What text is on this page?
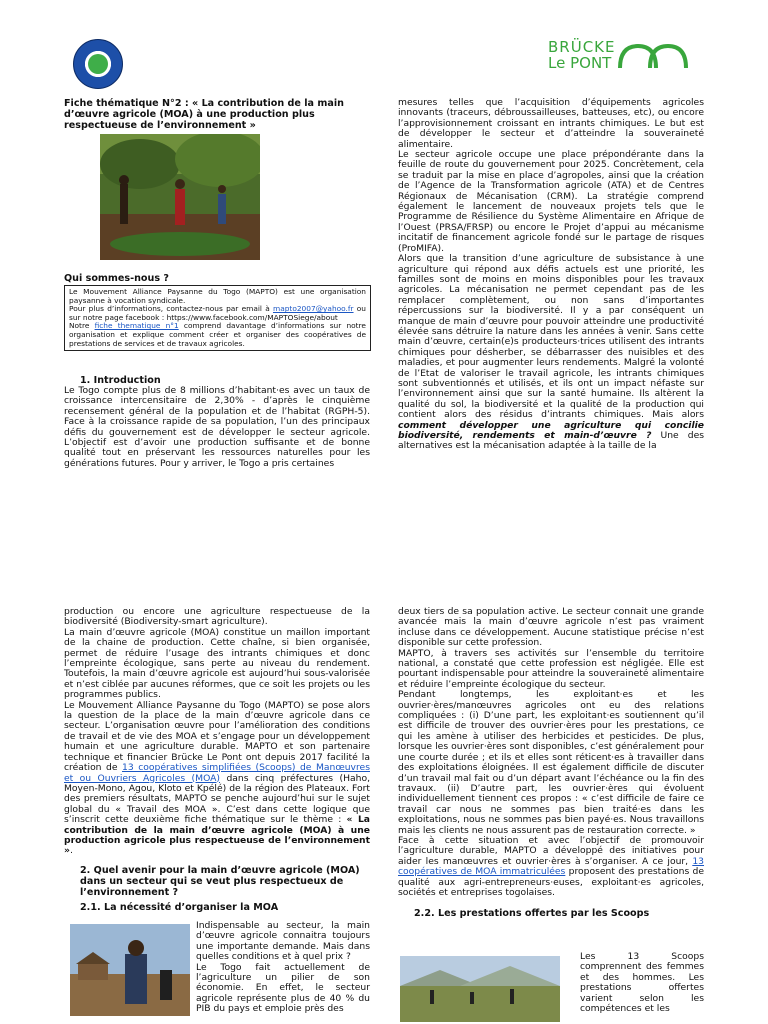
BRÜCKE
Le PONT

Fiche thématique N°2 : « La contribution de la main d’œuvre agricole (MOA) à une production plus respectueuse de l’environnement »

Qui sommes-nous ?

Le Mouvement Alliance Paysanne du Togo (MAPTO) est une organisation paysanne à vocation syndicale.

Pour plus d’informations, contactez-nous par email à mapto2007@yahoo.fr ou sur notre page facebook : https://www.facebook.com/MAPTOSiege/about

Notre fiche thematique n°1 comprend davantage d’informations sur notre organisation et explique comment créer et organiser des coopératives de prestations de services et de travaux agricoles.

1. Introduction

Le Togo compte plus de 8 millions d’habitant·es avec un taux de croissance intercensitaire de 2,30% - d’après le cinquième recensement général de la population et de l’habitat (RGPH-5). Face à la croissance rapide de sa population, l’un des principaux défis du gouvernement est de développer le secteur agricole. L’objectif est d’avoir une production suffisante et de bonne qualité tout en préservant les ressources naturelles pour les générations futures. Pour y arriver, le Togo a pris certaines

mesures telles que l’acquisition d’équipements agricoles innovants (traceurs, débroussailleuses, batteuses, etc), ou encore l’approvisionnement croissant en intrants chimiques. Le but est de développer le secteur et d’atteindre la souveraineté alimentaire.

Le secteur agricole occupe une place prépondérante dans la feuille de route du gouvernement pour 2025. Concrètement, cela se traduit par la mise en place d’agropoles, ainsi que la création de l’Agence de la Transformation agricole (ATA) et de Centres Régionaux de Mécanisation (CRM). La stratégie comprend également le lancement de nouveaux projets tels que le Programme de Résilience du Système Alimentaire en Afrique de l’Ouest (PRSA/FRSP) ou encore le Projet d’appui au mécanisme incitatif de financement agricole fondé sur le partage de risques (ProMIFA).

Alors que la transition d’une agriculture de subsistance à une agriculture qui répond aux défis actuels est une priorité, les familles sont de moins en moins disponibles pour les travaux agricoles. La mécanisation ne permet cependant pas de les remplacer complètement, ou non sans d’importantes répercussions sur la biodiversité. Il y a par conséquent un manque de main d’œuvre pour pouvoir atteindre une productivité élevée sans détruire la nature dans les années à venir. Sans cette main d’œuvre, certain(e)s producteurs·trices utilisent des intrants chimiques pour désherber, se débarrasser des nuisibles et des maladies, et pour augmenter leurs rendements. Malgré la volonté de l’Etat de valoriser le travail agricole, les intrants chimiques sont subventionnés et utilisés, et ils ont un impact néfaste sur l’environnement ainsi que sur la santé humaine. Ils altèrent la qualité du sol, la biodiversité et la qualité de la production qui contient alors des résidus d’intrants chimiques. Mais alors comment développer une agriculture qui concilie biodiversité, rendements et main-d’œuvre ? Une des alternatives est la mécanisation adaptée à la taille de la

production ou encore une agriculture respectueuse de la biodiversité (Biodiversity-smart agriculture).

La main d’œuvre agricole (MOA) constitue un maillon important de la chaine de production. Cette chaîne, si bien organisée, permet de réduire l’usage des intrants chimiques et donc l’empreinte écologique, sans perte au niveau du rendement. Toutefois, la main d’œuvre agricole est aujourd’hui sous-valorisée et n’est ciblée par aucunes réformes, que ce soit les projets ou les programmes publics.

Le Mouvement Alliance Paysanne du Togo (MAPTO) se pose alors la question de la place de la main d’œuvre agricole dans ce secteur. L’organisation œuvre pour l’amélioration des conditions de travail et de vie des MOA et s’engage pour un développement humain et une agriculture durable. MAPTO et son partenaire technique et financier Brücke Le Pont ont depuis 2017 facilité la création de 13 coopératives simplifiées (Scoops) de Manœuvres et ou Ouvriers Agricoles (MOA) dans cinq préfectures (Haho, Moyen-Mono, Agou, Kloto et Kpélé) de la région des Plateaux. Fort des premiers résultats, MAPTO se penche aujourd’hui sur le sujet global du « Travail des MOA ». C’est dans cette logique que s’inscrit cette deuxième fiche thématique sur le thème : « La contribution de la main d’œuvre agricole (MOA) à une production agricole plus respectueuse de l’environnement ».

2. Quel avenir pour la main d’œuvre agricole (MOA) dans un secteur qui se veut plus respectueux de l’environnement ?

2.1. La nécessité d’organiser la MOA

Indispensable au secteur, la main d’œuvre agricole connaitra toujours une importante demande. Mais dans quelles conditions et à quel prix ?

Le Togo fait actuellement de l’agriculture un pilier de son économie. En effet, le secteur agricole représente plus de 40 % du PIB du pays et emploie près des

deux tiers de sa population active. Le secteur connait une grande avancée mais la main d’œuvre agricole n’est pas vraiment incluse dans ce développement. Aucune statistique précise n’est disponible sur cette profession.

MAPTO, à travers ses activités sur l’ensemble du territoire national, a constaté que cette profession est négligée. Elle est pourtant indispensable pour atteindre la souveraineté alimentaire et réduire l’empreinte écologique du secteur.

Pendant longtemps, les exploitant·es et les ouvrier·ères/manœuvres agricoles ont eu des relations compliquées : (i) D’une part, les exploitant·es soutiennent qu’il est difficile de trouver des ouvrier·ères pour les prestations, ce qui les amène à utiliser des herbicides et pesticides. De plus, lorsque les ouvrier·ères sont disponibles, c’est généralement pour une courte durée ; et ils et elles sont réticent·es à travailler dans des exploitations éloignées. Il est également difficile de discuter d’un travail mal fait ou d’un départ avant l’échéance ou la fin des travaux. (ii) D’autre part, les ouvrier·ères qui évoluent individuellement tiennent ces propos : « c’est difficile de faire ce travail car nous ne sommes pas bien traité·es dans les exploitations, nous ne sommes pas bien payé·es. Nous travaillons mais les clients ne nous assurent pas de restauration correcte. »

Face à cette situation et avec l’objectif de promouvoir l’agriculture durable, MAPTO a développé des initiatives pour aider les manœuvres et ouvrier·ères à s’organiser. A ce jour, 13 coopératives de MOA immatriculées proposent des prestations de qualité aux agri-entrepreneurs·euses, exploitant·es agricoles, sociétés et entreprises togolaises.

2.2. Les prestations offertes par les Scoops

Les 13 Scoops comprennent des femmes et des hommes. Les prestations offertes varient selon les compétences et les
